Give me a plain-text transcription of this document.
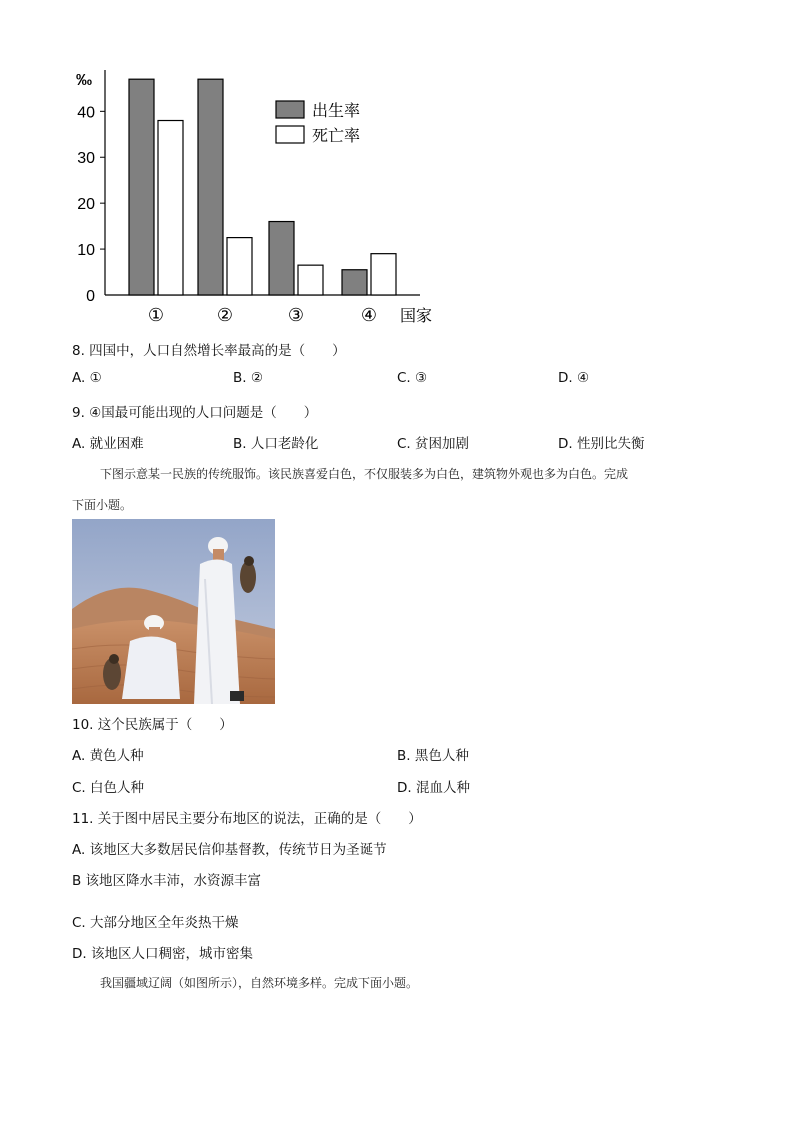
0
10
20
30
40
‰
①	②	③	④ 国家
出生率
死亡率
8. 四国中，人口自然增长率最高的是（　　）
A. ①	B. ②	C. ③	D. ④
9. ④国最可能出现的人口问题是（　　）
A. 就业困难	B. 人口老龄化	C. 贫困加剧	D. 性别比失衡
下图示意某一民族的传统服饰。该民族喜爱白色，不仅服装多为白色，建筑物外观也多为白色。完成
下面小题。
10. 这个民族属于（　　）
A. 黄色人种	B. 黑色人种
C. 白色人种	D. 混血人种
11. 关于图中居民主要分布地区的说法，正确的是（　　）
A. 该地区大多数居民信仰基督教，传统节日为圣诞节
B 该地区降水丰沛，水资源丰富
C. 大部分地区全年炎热干燥
D. 该地区人口稠密，城市密集
我国疆域辽阔（如图所示），自然环境多样。完成下面小题。
